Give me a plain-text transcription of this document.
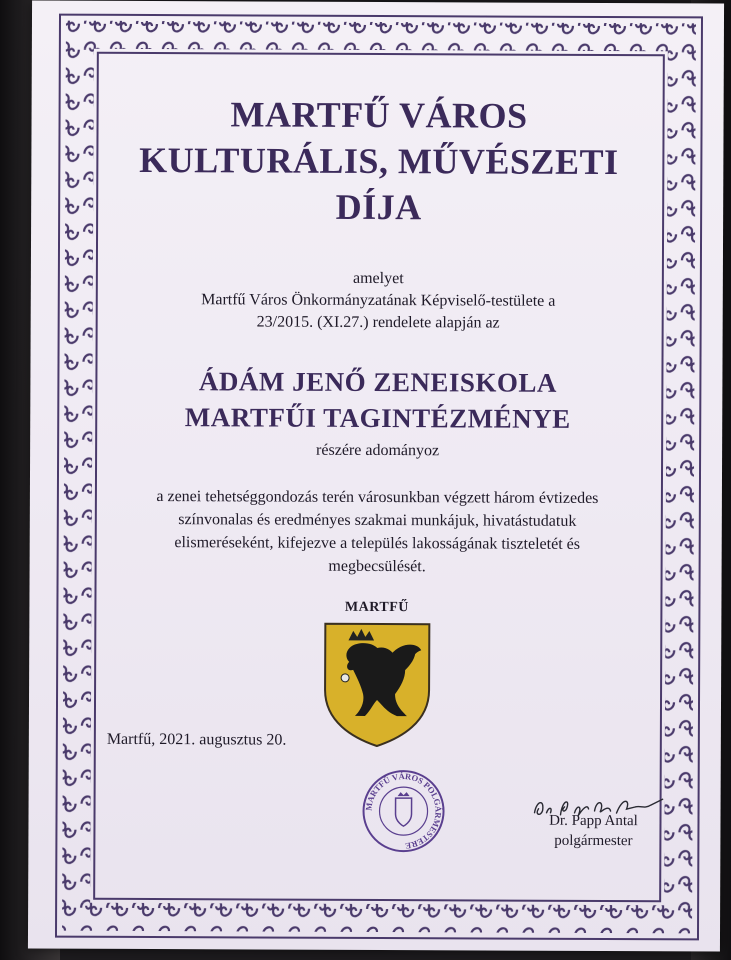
MARTFŰ VÁROS
KULTURÁLIS, MŰVÉSZETI DÍJA
amelyet
Martfű Város Önkormányzatának Képviselő-testülete a
23/2015. (XI.27.) rendelete alapján az
ÁDÁM JENŐ ZENEISKOLA
MARTFŰI TAGINTÉZMÉNYE
részére adományoz
a zenei tehetséggondozás terén városunkban végzett három évtizedes
színvonalas és eredményes szakmai munkájuk, hivatástudatuk
elismeréseként, kifejezve a település lakosságának tiszteletét és
megbecsülését.
MARTFŰ
Martfű, 2021. augusztus 20.
MARTFŰ VÁROS POLGÁRMESTERE
Dr. Papp Antal
polgármester
